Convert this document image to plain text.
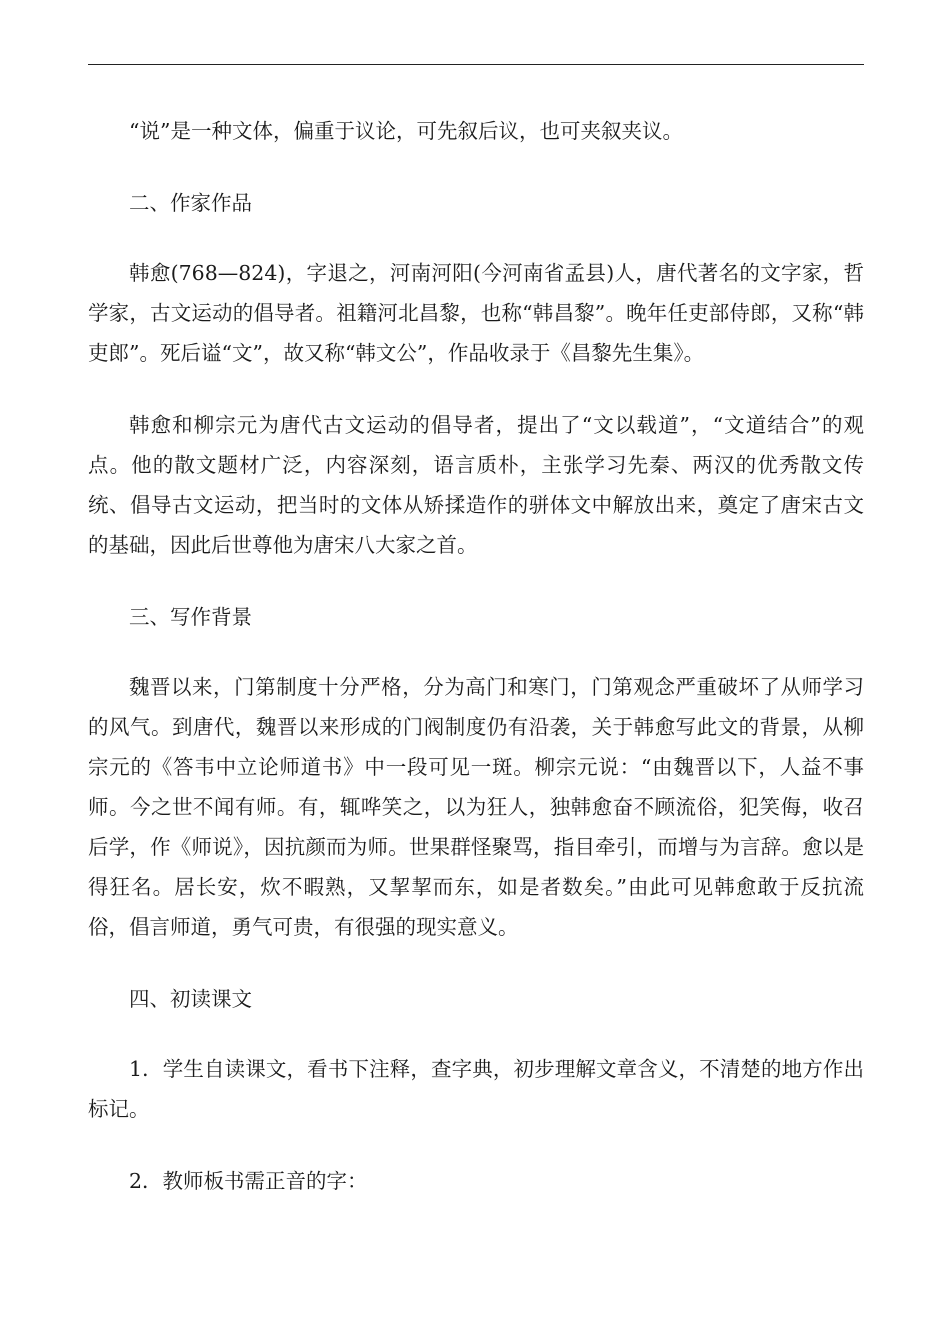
“说”是一种文体，偏重于议论，可先叙后议，也可夹叙夹议。

二、作家作品

韩愈(768—824)，字退之，河南河阳(今河南省孟县)人，唐代著名的文字家，哲学家，古文运动的倡导者。祖籍河北昌黎，也称“韩昌黎”。晚年任吏部侍郎，又称“韩吏郎”。死后谥“文”，故又称“韩文公”，作品收录于《昌黎先生集》。

韩愈和柳宗元为唐代古文运动的倡导者，提出了“文以载道”，“文道结合”的观点。他的散文题材广泛，内容深刻，语言质朴，主张学习先秦、两汉的优秀散文传统、倡导古文运动，把当时的文体从矫揉造作的骈体文中解放出来，奠定了唐宋古文的基础，因此后世尊他为唐宋八大家之首。

三、写作背景

魏晋以来，门第制度十分严格，分为高门和寒门，门第观念严重破坏了从师学习的风气。到唐代，魏晋以来形成的门阀制度仍有沿袭，关于韩愈写此文的背景，从柳宗元的《答韦中立论师道书》中一段可见一斑。柳宗元说：“由魏晋以下，人益不事师。今之世不闻有师。有，辄哗笑之，以为狂人，独韩愈奋不顾流俗，犯笑侮，收召后学，作《师说》，因抗颜而为师。世果群怪聚骂，指目牵引，而增与为言辞。愈以是得狂名。居长安，炊不暇熟，又挈挈而东，如是者数矣。”由此可见韩愈敢于反抗流俗，倡言师道，勇气可贵，有很强的现实意义。

四、初读课文

1．学生自读课文，看书下注释，查字典，初步理解文章含义，不清楚的地方作出标记。

2．教师板书需正音的字：
